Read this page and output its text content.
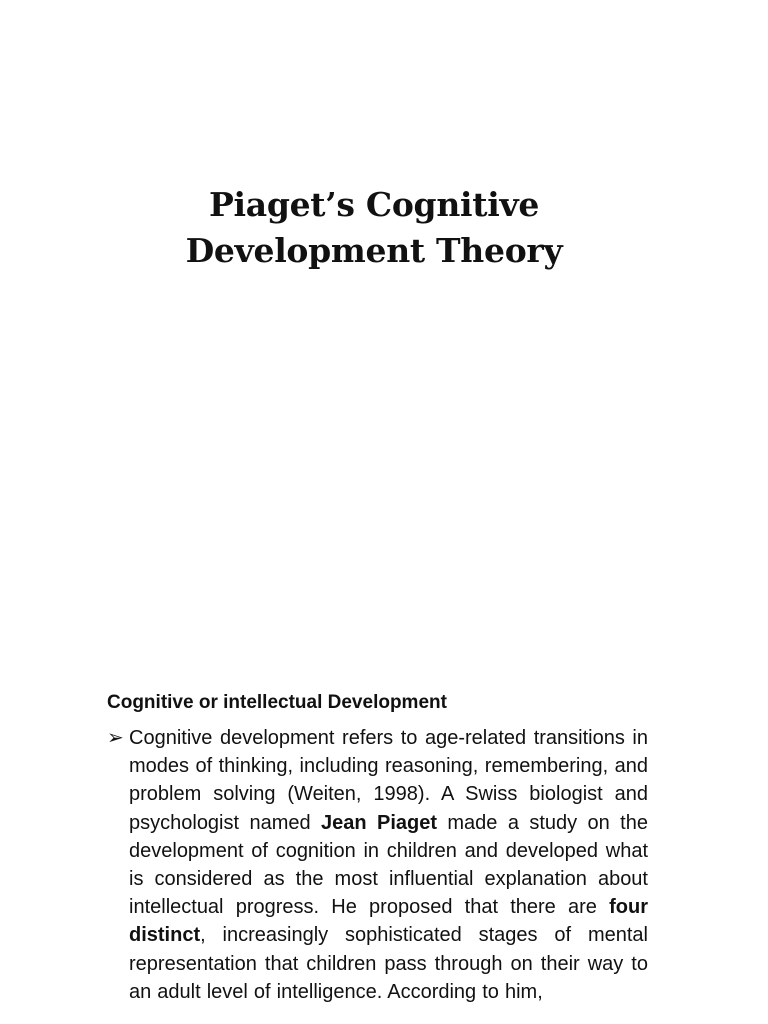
Piaget’s Cognitive
Development Theory
Cognitive or intellectual Development
➢ Cognitive development refers to age-related transitions in modes of thinking, including reasoning, remembering, and problem solving (Weiten, 1998). A Swiss biologist and psychologist named Jean Piaget made a study on the development of cognition in children and developed what is considered as the most influential explanation about intellectual progress. He proposed that there are four distinct, increasingly sophisticated stages of mental representation that children pass through on their way to an adult level of intelligence. According to him,
